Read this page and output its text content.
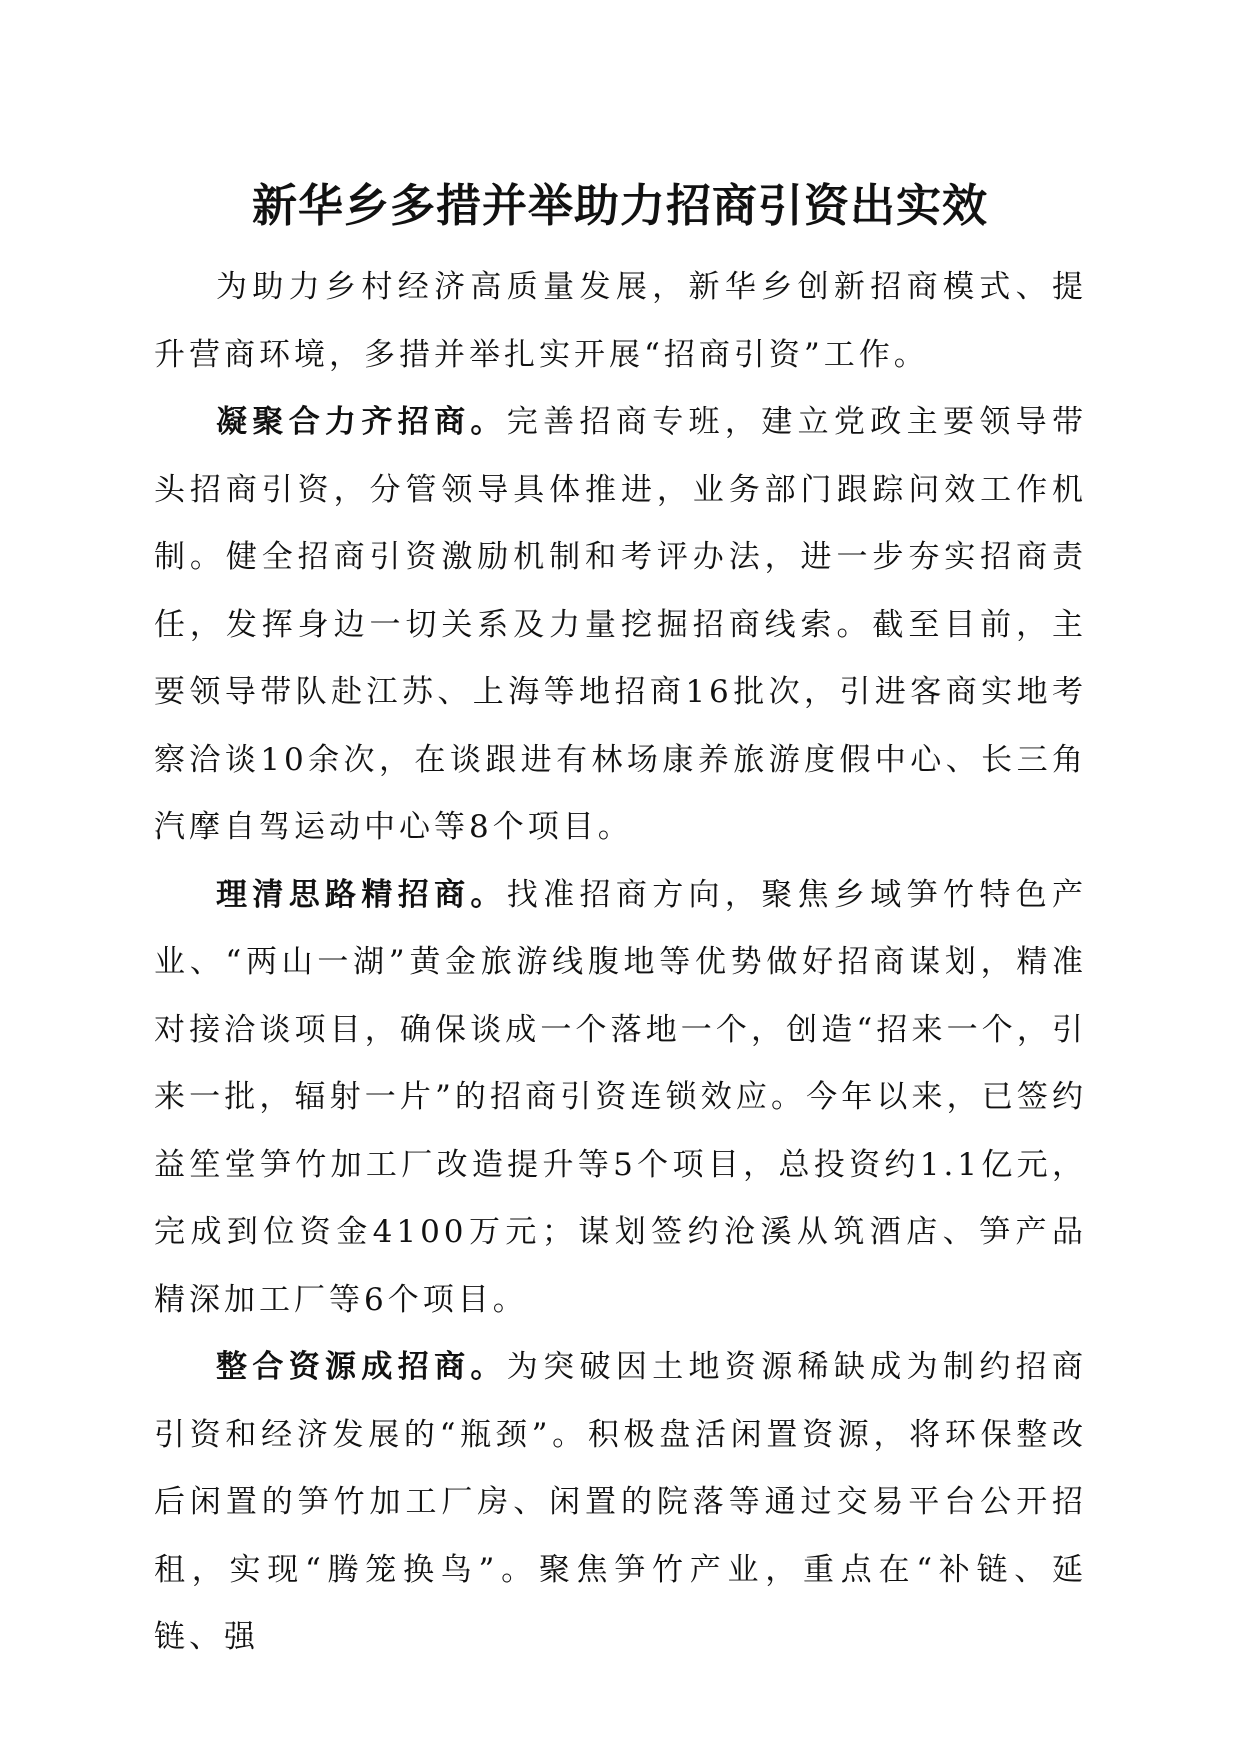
新华乡多措并举助力招商引资出实效

为助力乡村经济高质量发展，新华乡创新招商模式、提升营商环境，多措并举扎实开展“招商引资”工作。

凝聚合力齐招商。完善招商专班，建立党政主要领导带头招商引资，分管领导具体推进，业务部门跟踪问效工作机制。健全招商引资激励机制和考评办法，进一步夯实招商责任，发挥身边一切关系及力量挖掘招商线索。截至目前，主要领导带队赴江苏、上海等地招商16批次，引进客商实地考察洽谈10余次，在谈跟进有林场康养旅游度假中心、长三角汽摩自驾运动中心等8个项目。

理清思路精招商。找准招商方向，聚焦乡域笋竹特色产业、“两山一湖”黄金旅游线腹地等优势做好招商谋划，精准对接洽谈项目，确保谈成一个落地一个，创造“招来一个，引来一批，辐射一片”的招商引资连锁效应。今年以来，已签约益笙堂笋竹加工厂改造提升等5个项目，总投资约1.1亿元，完成到位资金4100万元；谋划签约沧溪从筑酒店、笋产品精深加工厂等6个项目。

整合资源成招商。为突破因土地资源稀缺成为制约招商引资和经济发展的“瓶颈”。积极盘活闲置资源，将环保整改后闲置的笋竹加工厂房、闲置的院落等通过交易平台公开招租，实现“腾笼换鸟”。聚焦笋竹产业，重点在“补链、延链、强
